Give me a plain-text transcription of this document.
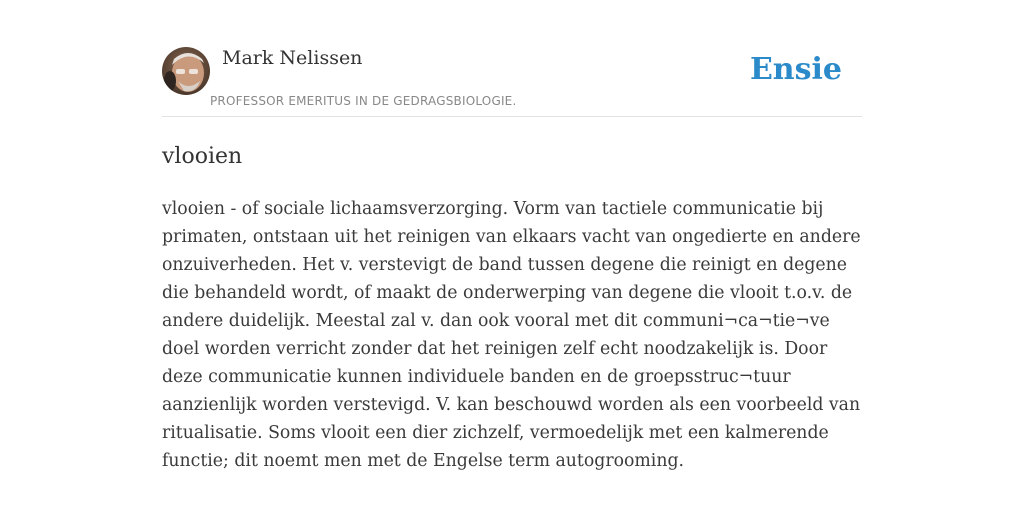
Mark Nelissen
PROFESSOR EMERITUS IN DE GEDRAGSBIOLOGIE.
Ensie
vlooien

vlooien - of sociale lichaamsverzorging. Vorm van tactiele communicatie bij primaten, ontstaan uit het reinigen van elkaars vacht van ongedierte en andere onzuiverheden. Het v. verstevigt de band tussen degene die reinigt en degene die behandeld wordt, of maakt de onderwerping van degene die vlooit t.o.v. de andere duidelijk. Meestal zal v. dan ook vooral met dit communi¬ca¬tie¬ve doel worden verricht zonder dat het reinigen zelf echt noodzakelijk is. Door deze communicatie kunnen individuele banden en de groepsstruc¬tuur aanzienlijk worden verstevigd. V. kan beschouwd worden als een voorbeeld van ritualisatie. Soms vlooit een dier zichzelf, vermoedelijk met een kalmerende functie; dit noemt men met de Engelse term autogrooming.
